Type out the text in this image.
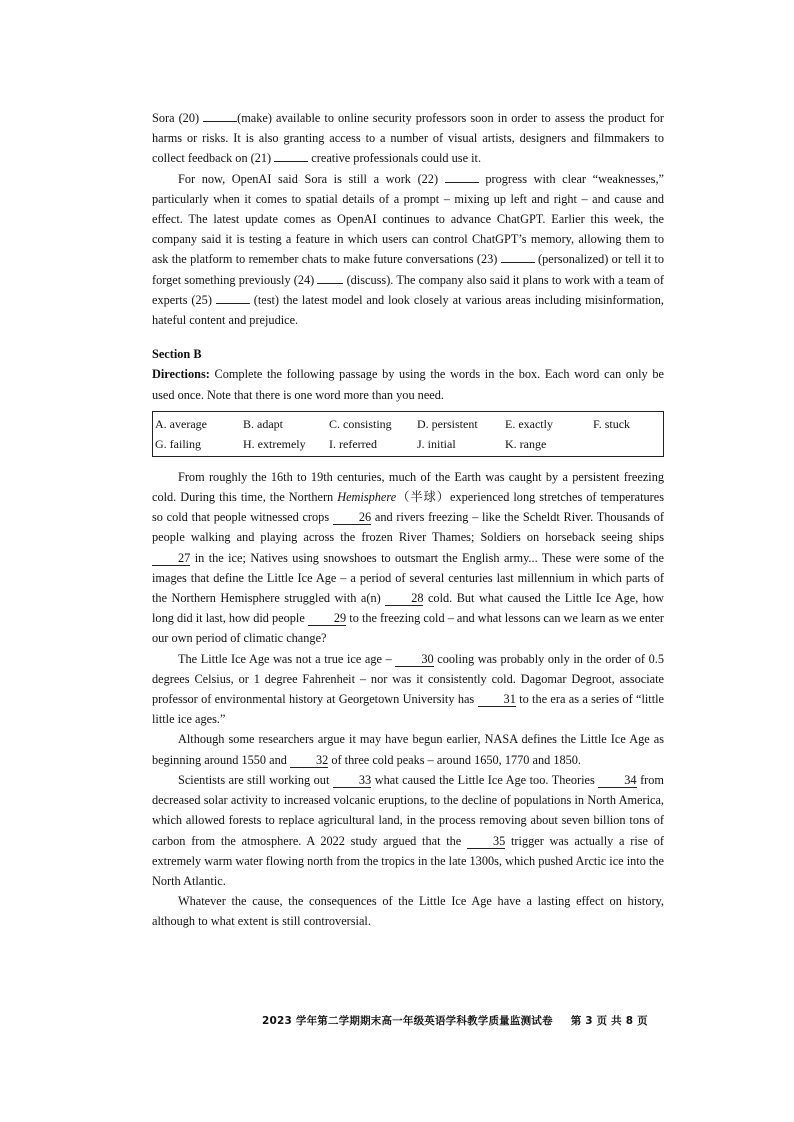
Sora (20)	(make) available to online security professors soon in order to assess the product for harms or risks. It is also granting access to a number of visual artists, designers and filmmakers to collect feedback on (21)	creative professionals could use it.

For now, OpenAI said Sora is still a work (22)	progress with clear “weaknesses,” particularly when it comes to spatial details of a prompt – mixing up left and right – and cause and effect. The latest update comes as OpenAI continues to advance ChatGPT. Earlier this week, the company said it is testing a feature in which users can control ChatGPT’s memory, allowing them to ask the platform to remember chats to make future conversations (23)	(personalized) or tell it to forget something previously (24)  (discuss). The company also said it plans to work with a team of experts (25)	(test) the latest model and look closely at various areas including misinformation, hateful content and prejudice.

Section B

Directions: Complete the following passage by using the words in the box. Each word can only be used once. Note that there is one word more than you need.

A. average	B. adapt	C. consisting	D. persistent	E. exactly	F. stuck
G. failing	H. extremely	I. referred	J. initial	K. range

From roughly the 16th to 19th centuries, much of the Earth was caught by a persistent freezing cold. During this time, the Northern Hemisphere（半球）experienced long stretches of temperatures so cold that people witnessed crops 26 and rivers freezing – like the Scheldt River. Thousands of people walking and playing across the frozen River Thames; Soldiers on horseback seeing ships 27 in the ice; Natives using snowshoes to outsmart the English army... These were some of the images that define the Little Ice Age – a period of several centuries last millennium in which parts of the Northern Hemisphere struggled with a(n) 28 cold. But what caused the Little Ice Age, how long did it last, how did people 29 to the freezing cold – and what lessons can we learn as we enter our own period of climatic change?

The Little Ice Age was not a true ice age – 30 cooling was probably only in the order of 0.5 degrees Celsius, or 1 degree Fahrenheit – nor was it consistently cold. Dagomar Degroot, associate professor of environmental history at Georgetown University has 31 to the era as a series of “little little ice ages.”

Although some researchers argue it may have begun earlier, NASA defines the Little Ice Age as beginning around 1550 and 32 of three cold peaks – around 1650, 1770 and 1850.

Scientists are still working out 33 what caused the Little Ice Age too. Theories 34 from decreased solar activity to increased volcanic eruptions, to the decline of populations in North America, which allowed forests to replace agricultural land, in the process removing about seven billion tons of carbon from the atmosphere. A 2022 study argued that the 35 trigger was actually a rise of extremely warm water flowing north from the tropics in the late 1300s, which pushed Arctic ice into the North Atlantic.

Whatever the cause, the consequences of the Little Ice Age have a lasting effect on history, although to what extent is still controversial.

2023 学年第二学期期末高一年级英语学科教学质量监测试卷 第 3 页 共 8 页
